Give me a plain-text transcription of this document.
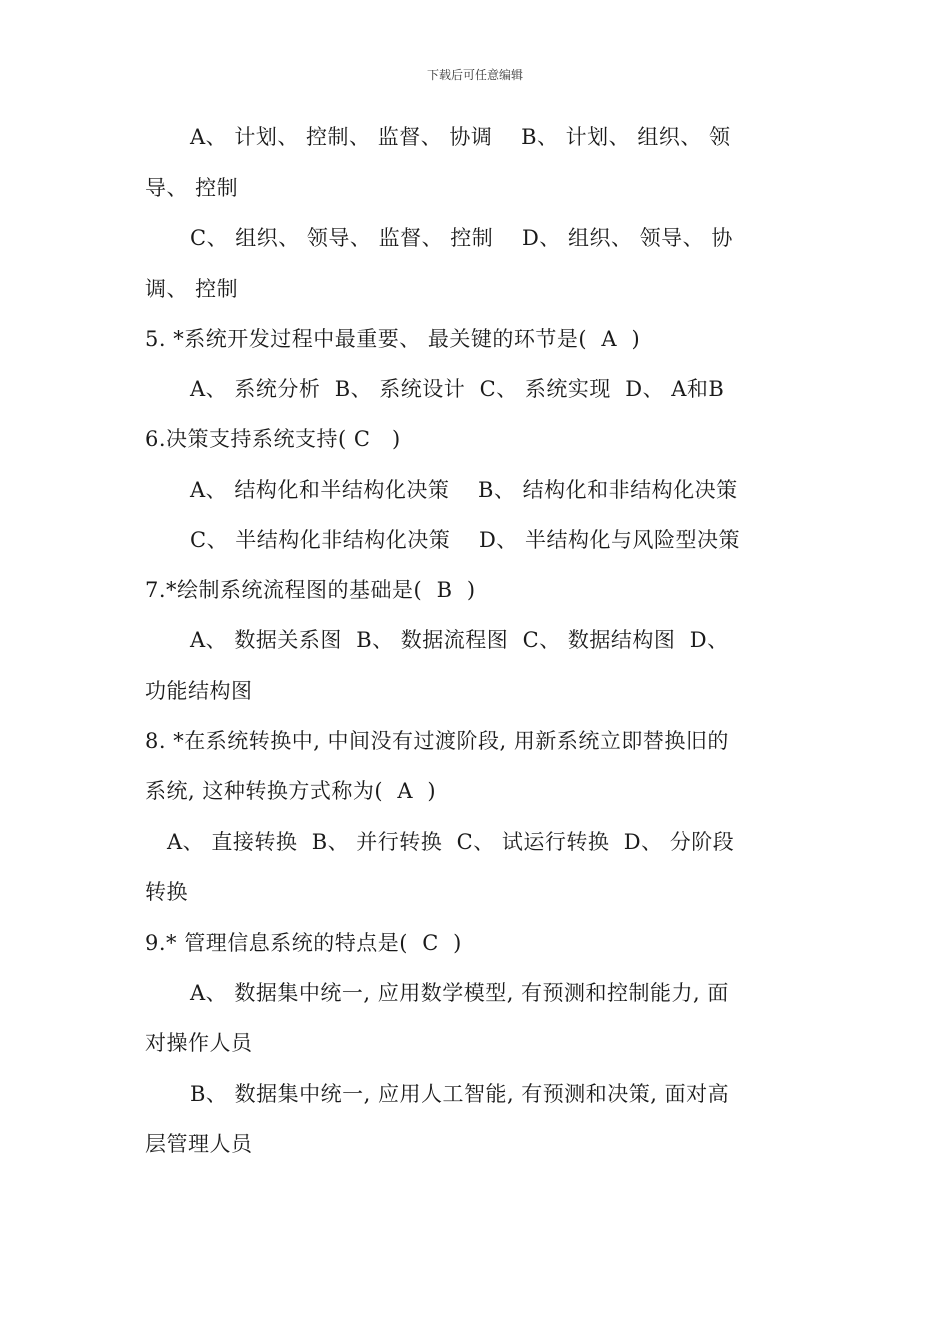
下载后可任意编辑
A、 计划、 控制、 监督、 协调    B、 计划、 组织、 领
导、 控制
C、 组织、 领导、 监督、 控制    D、 组织、 领导、 协
调、 控制
5. *系统开发过程中最重要、 最关键的环节是(  A  )
A、 系统分析  B、 系统设计  C、 系统实现  D、 A和B
6.决策支持系统支持( C   )
A、 结构化和半结构化决策    B、 结构化和非结构化决策
C、 半结构化非结构化决策    D、 半结构化与风险型决策
7.*绘制系统流程图的基础是(  B  )
A、 数据关系图  B、 数据流程图  C、 数据结构图  D、
功能结构图
8. *在系统转换中, 中间没有过渡阶段, 用新系统立即替换旧的
系统, 这种转换方式称为(  A  )
A、 直接转换  B、 并行转换  C、 试运行转换  D、 分阶段
转换
9.* 管理信息系统的特点是(  C  )
A、 数据集中统一, 应用数学模型, 有预测和控制能力, 面
对操作人员
B、 数据集中统一, 应用人工智能, 有预测和决策, 面对高
层管理人员
